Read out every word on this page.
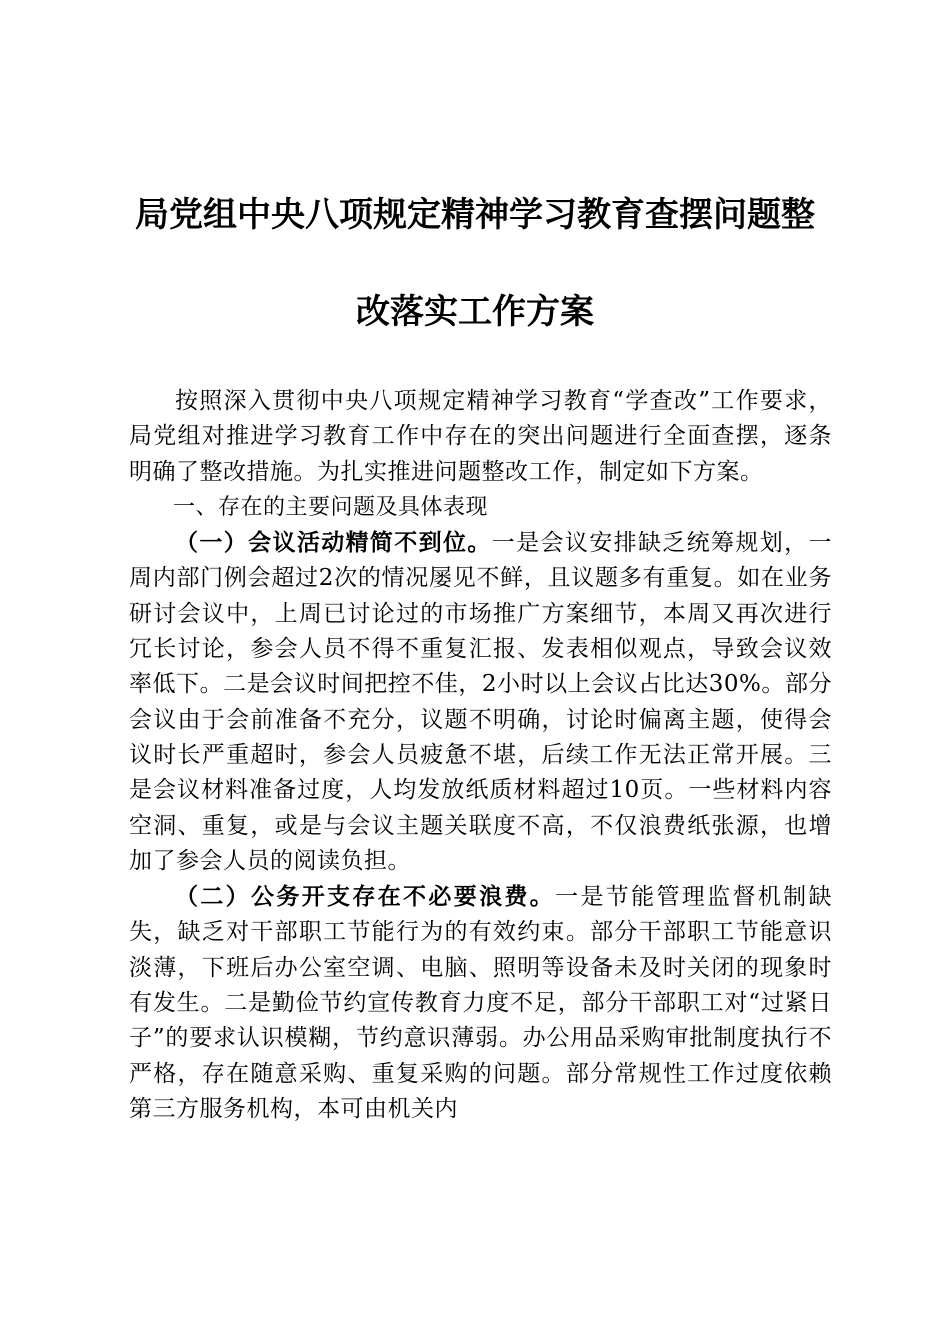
局党组中央八项规定精神学习教育查摆问题整
改落实工作方案

按照深入贯彻中央八项规定精神学习教育“学查改”工作要求，局党组对推进学习教育工作中存在的突出问题进行全面查摆，逐条明确了整改措施。为扎实推进问题整改工作，制定如下方案。

一、存在的主要问题及具体表现

（一）会议活动精简不到位。一是会议安排缺乏统筹规划，一周内部门例会超过2次的情况屡见不鲜，且议题多有重复。如在业务研讨会议中，上周已讨论过的市场推广方案细节，本周又再次进行冗长讨论，参会人员不得不重复汇报、发表相似观点，导致会议效率低下。二是会议时间把控不佳，2小时以上会议占比达30%。部分会议由于会前准备不充分，议题不明确，讨论时偏离主题，使得会议时长严重超时，参会人员疲惫不堪，后续工作无法正常开展。三是会议材料准备过度，人均发放纸质材料超过10页。一些材料内容空洞、重复，或是与会议主题关联度不高，不仅浪费纸张源，也增加了参会人员的阅读负担。

（二）公务开支存在不必要浪费。一是节能管理监督机制缺失，缺乏对干部职工节能行为的有效约束。部分干部职工节能意识淡薄，下班后办公室空调、电脑、照明等设备未及时关闭的现象时有发生。二是勤俭节约宣传教育力度不足，部分干部职工对“过紧日子”的要求认识模糊，节约意识薄弱。办公用品采购审批制度执行不严格，存在随意采购、重复采购的问题。部分常规性工作过度依赖第三方服务机构，本可由机关内
